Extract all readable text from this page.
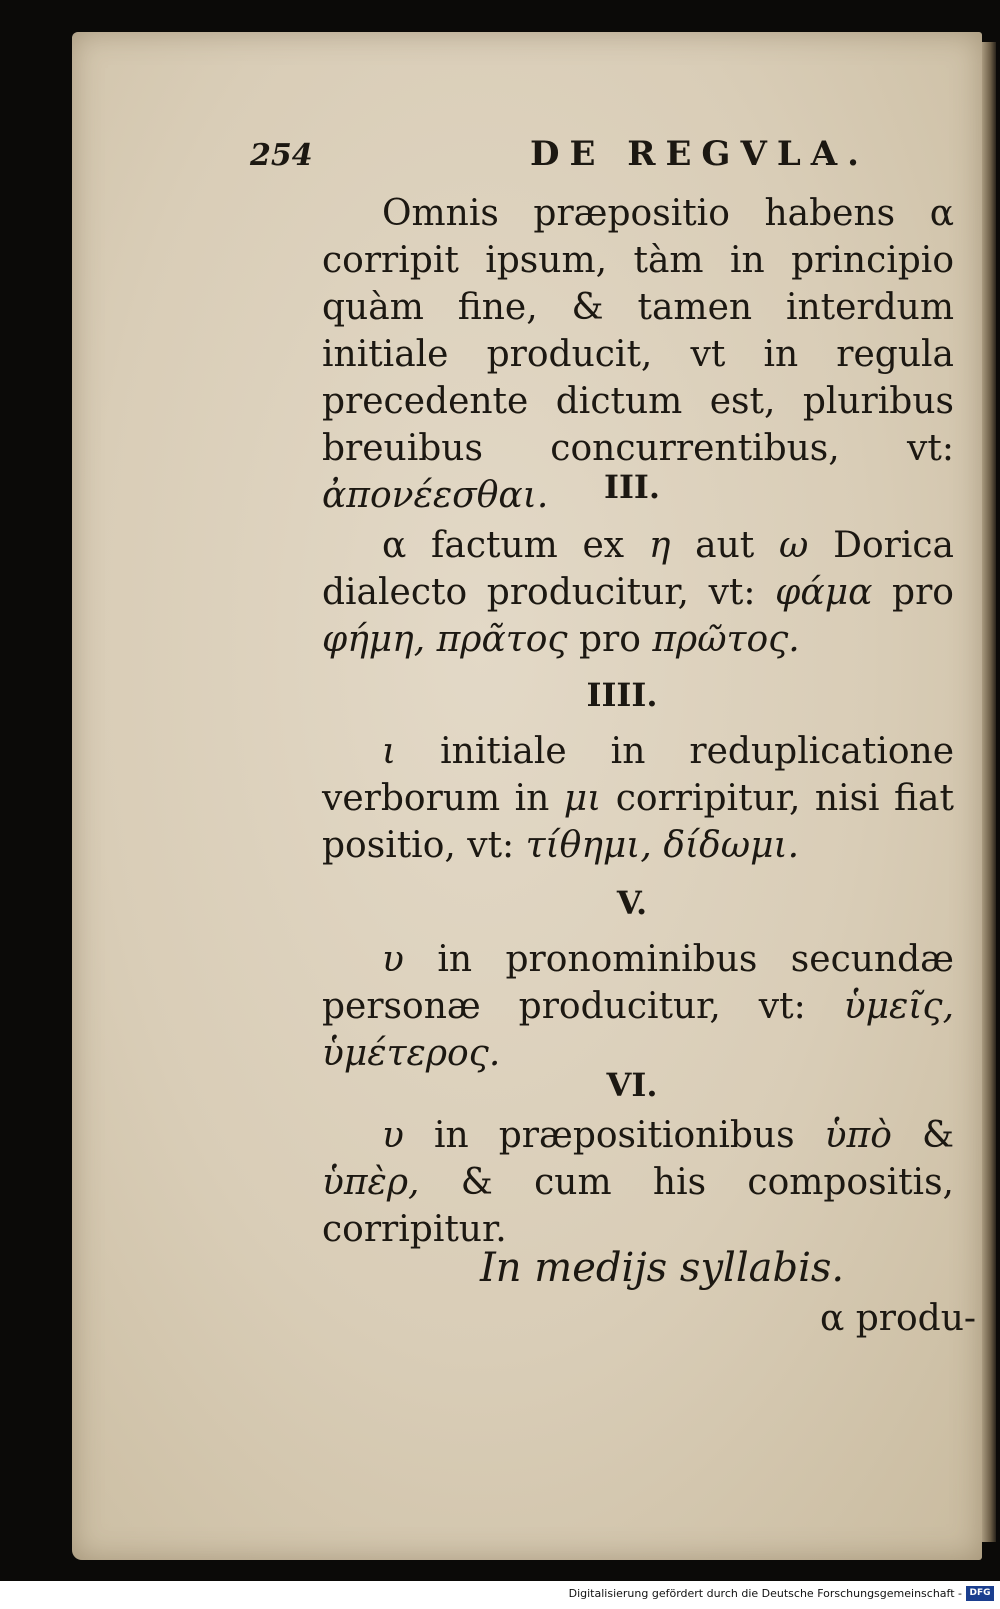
254	DE REGVLA.
Omnis præpositio habens α corripit ipsum, tàm in principio quàm fine, & tamen interdum initiale producit, vt in regula precedente dictum est, pluribus breuibus concurrentibus, vt: ἀπονέεσθαι.	III.
α factum ex η aut ω Dorica dialecto producitur, vt: φάμα pro φήμη, πρᾶτος pro πρῶτος.
IIII.
ι initiale in reduplicatione verborum in μι corripitur, nisi fiat positio, vt: τίθημι, δίδωμι.
V.
υ in pronominibus secundæ personæ producitur, vt: ὑμεῖς, ὑμέτερος.
VI.
υ in præpositionibus ὑπὸ & ὑπὲρ, & cum his compositis, corripitur.
In medijs syllabis.
α produ-
Digitalisierung gefördert durch die Deutsche Forschungsgemeinschaft - DFG
